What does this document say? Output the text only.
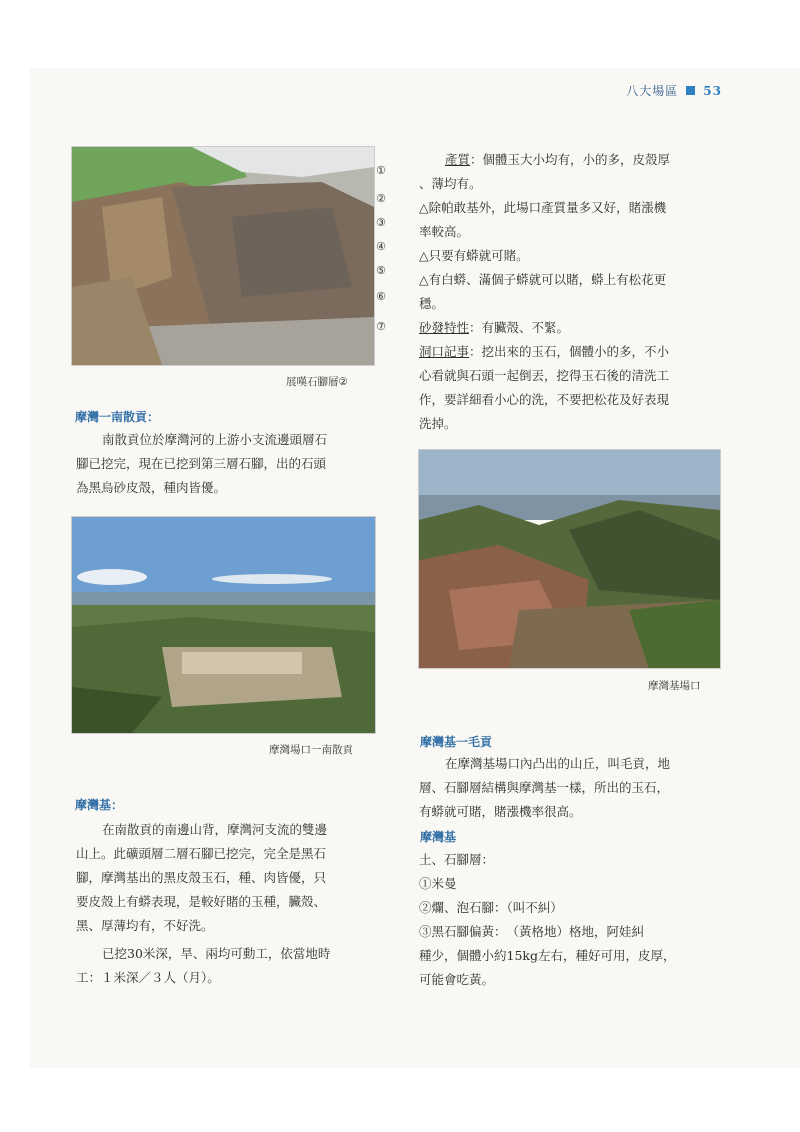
八大場區 53
①
②
③
④
⑤
⑥
⑦
展嘆石腳層②
摩灣一南散貢：

南散貢位於摩灣河的上游小支流邊頭層石

腳已挖完，現在已挖到第三層石腳，出的石頭

為黑烏砂皮殼，種肉皆優。

摩灣場口一南散貢
摩灣基：

在南散貢的南邊山背，摩灣河支流的雙邊

山上。此礦頭層二層石腳已挖完，完全是黑石

腳，摩灣基出的黑皮殼玉石，種、肉皆優，只

要皮殼上有蟒表現，是較好賭的玉種，臟殼、

黑、厚薄均有，不好洗。

已挖30米深，旱、兩均可動工，依當地時

工：１米深／３人（月）。

產質：個體玉大小均有，小的多，皮殼厚

、薄均有。

△除帕敢基外，此場口產質量多又好，賭漲機

率較高。

△只要有蟒就可賭。

△有白蟒、滿個子蟒就可以賭，蟒上有松花更

穩。

砂發特性：有臟殼、不緊。

洞口記事：挖出來的玉石，個體小的多，不小

心看就與石頭一起倒丟，挖得玉石後的清洗工

作，要詳細看小心的洗，不要把松花及好表現

洗掉。

摩灣基場口
摩灣基一毛貢

在摩灣基場口內凸出的山丘，叫毛貢，地

層、石腳層結構與摩灣基一樣，所出的玉石，

有蟒就可賭，賭漲機率很高。

摩灣基

土、石腳層：

①米曼

②爛、泡石腳：（叫不糾）

③黑石腳偏黃：　（黃格地）格地，阿娃糾

種少，個體小約15kg左右，種好可用，皮厚，

可能會吃黃。
